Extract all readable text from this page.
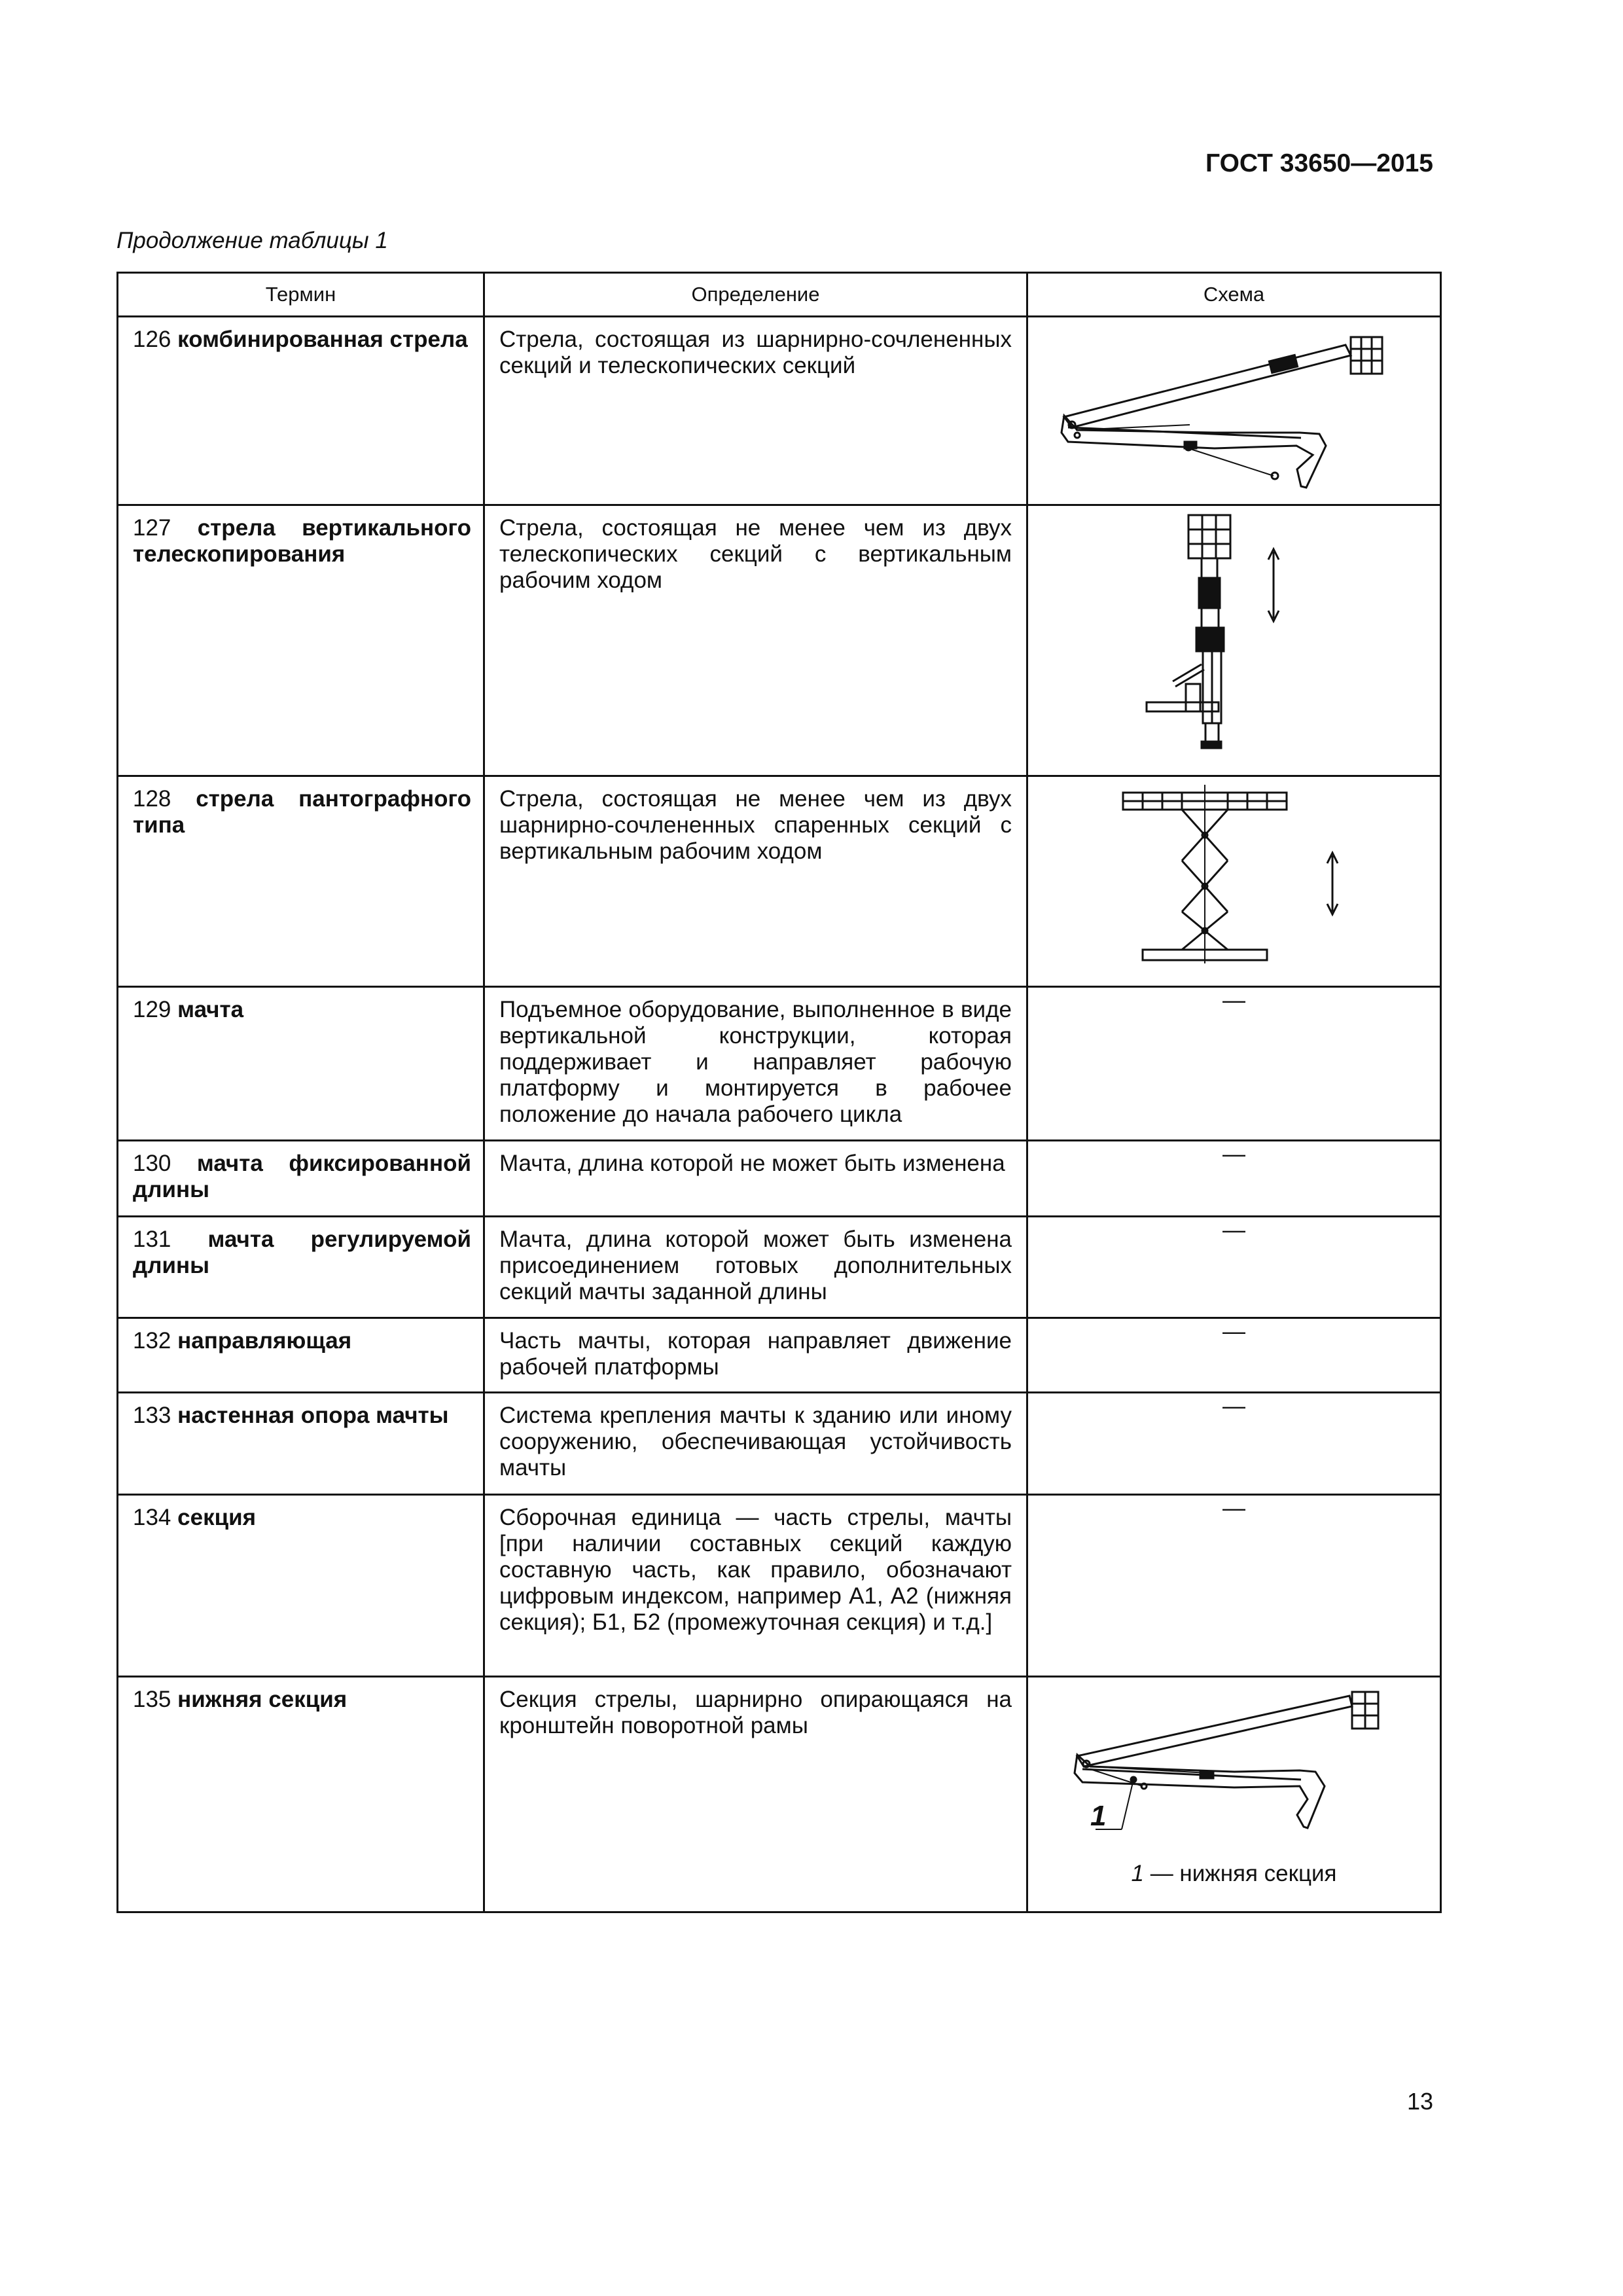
ГОСТ 33650—2015
Продолжение таблицы 1
Термин	Определение	Схема
126 комбинированная стрела	Стрела, состоящая из шарнирно-сочлененных секций и телескопических секций	

127 стрела вертикального телескопирования	Стрела, состоящая не менее чем из двух телескопических секций с вертикальным рабочим ходом	

128 стрела пантографного типа	Стрела, состоящая не менее чем из двух шарнирно-сочлененных спаренных секций с вертикальным рабочим ходом	

129 мачта	Подъемное оборудование, выполненное в виде вертикальной конструкции, которая поддерживает и направляет рабочую платформу и монтируется в рабочее положение до начала рабочего цикла	—
130 мачта фиксированной длины	Мачта, длина которой не может быть изменена	—
131 мачта регулируемой длины	Мачта, длина которой может быть изменена присоединением готовых дополнительных секций мачты заданной длины	—
132 направляющая	Часть мачты, которая направляет движение рабочей платформы	—
133 настенная опора мачты	Система крепления мачты к зданию или иному сооружению, обеспечивающая устойчивость мачты	—
134 секция	Сборочная единица — часть стрелы, мачты [при наличии составных секций каждую составную часть, как правило, обозначают цифровым индексом, например А1, А2 (нижняя секция); Б1, Б2 (промежуточная секция) и т.д.]	—
135 нижняя секция	Секция стрелы, шарнирно опирающаяся на кронштейн поворотной рамы	1
1 — нижняя секция
13
